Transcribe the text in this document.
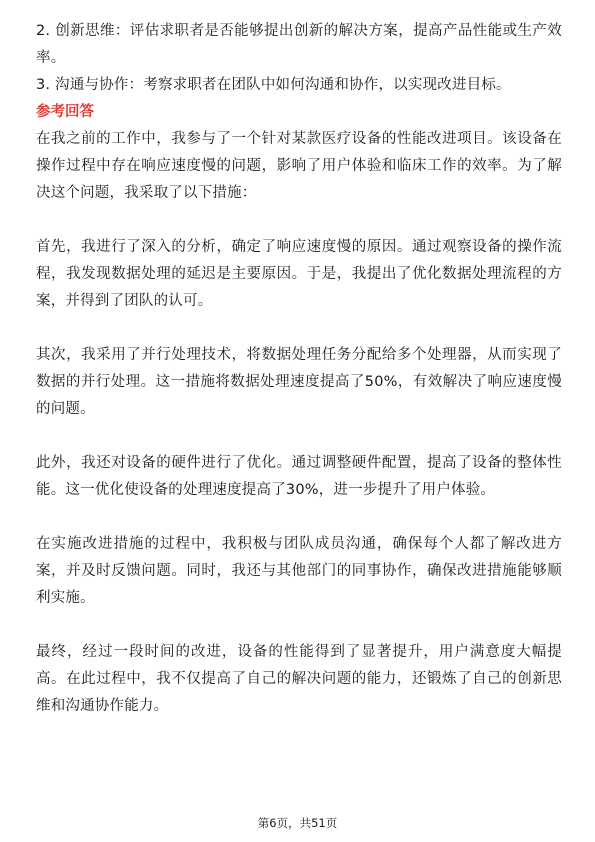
2. 创新思维：评估求职者是否能够提出创新的解决方案，提高产品性能或生产效率。

3. 沟通与协作：考察求职者在团队中如何沟通和协作，以实现改进目标。

参考回答

在我之前的工作中，我参与了一个针对某款医疗设备的性能改进项目。该设备在操作过程中存在响应速度慢的问题，影响了用户体验和临床工作的效率。为了解决这个问题，我采取了以下措施：

首先，我进行了深入的分析，确定了响应速度慢的原因。通过观察设备的操作流程，我发现数据处理的延迟是主要原因。于是，我提出了优化数据处理流程的方案，并得到了团队的认可。

其次，我采用了并行处理技术，将数据处理任务分配给多个处理器，从而实现了数据的并行处理。这一措施将数据处理速度提高了50%，有效解决了响应速度慢的问题。

此外，我还对设备的硬件进行了优化。通过调整硬件配置，提高了设备的整体性能。这一优化使设备的处理速度提高了30%，进一步提升了用户体验。

在实施改进措施的过程中，我积极与团队成员沟通，确保每个人都了解改进方案，并及时反馈问题。同时，我还与其他部门的同事协作，确保改进措施能够顺利实施。

最终，经过一段时间的改进，设备的性能得到了显著提升，用户满意度大幅提高。在此过程中，我不仅提高了自己的解决问题的能力，还锻炼了自己的创新思维和沟通协作能力。

第6页，共51页
